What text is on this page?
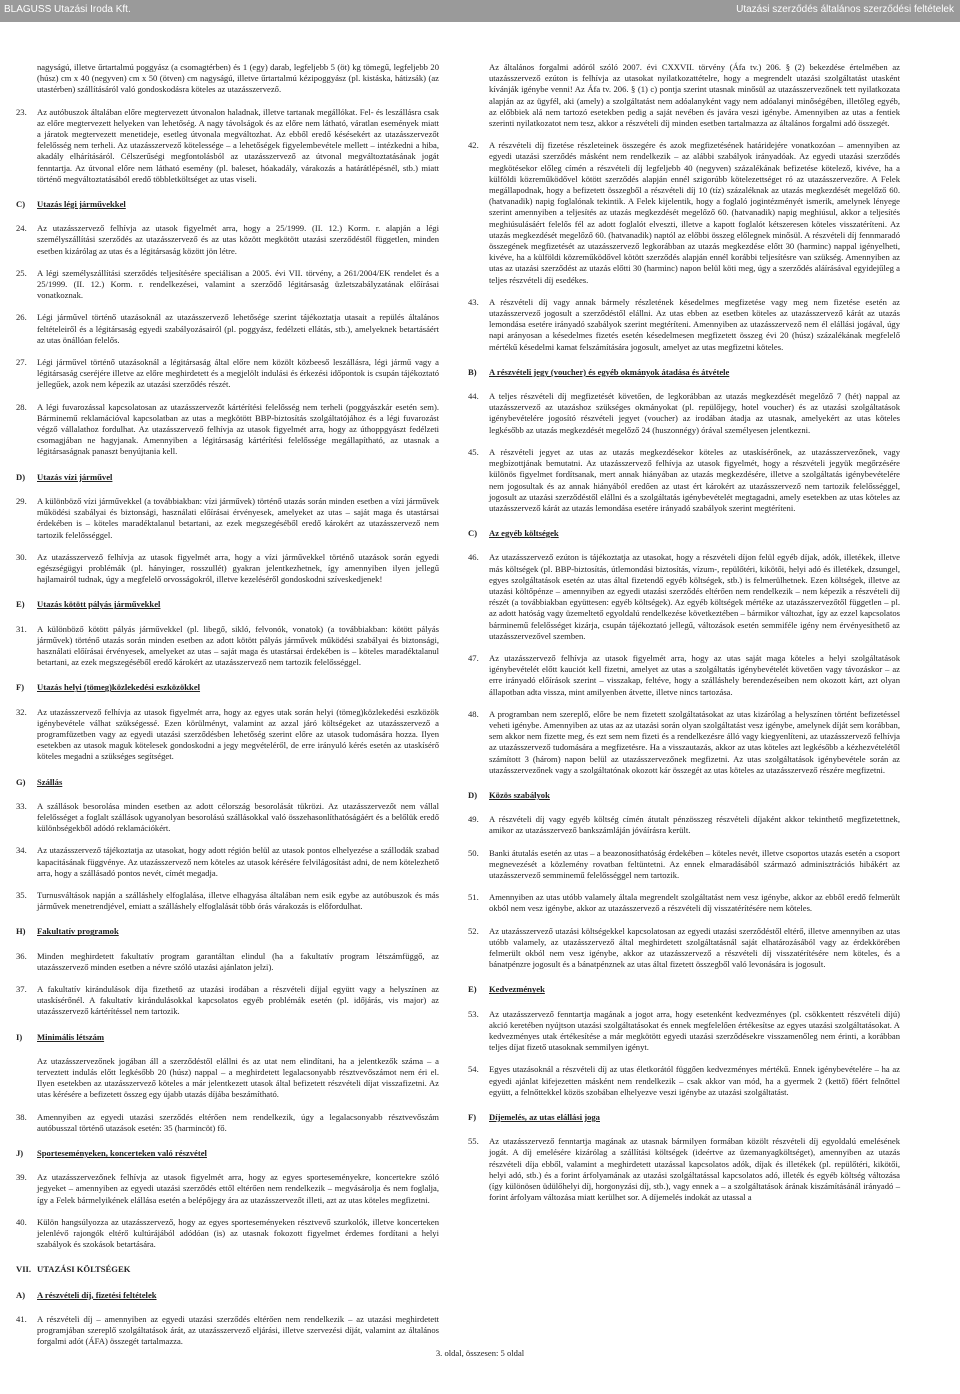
BLAGUSS Utazási Iroda Kft.	Utazási szerződés általános szerződési feltételek
nagyságú, illetve űrtartalmú poggyász (a csomagtérben) és 1 (egy) darab, legfeljebb 5 (öt) kg tömegű, legfeljebb 20 (húsz) cm x 40 (negyven) cm x 50 (ötven) cm nagyságú, illetve űrtartalmú kézipoggyász (pl. kistáska, hátizsák) (az utastérben) szállításáról való gondoskodásra köteles az utazásszervező.
23. Az autóbuszok általában előre megtervezett útvonalon haladnak, illetve tartanak megállókat. Fel- és leszállásra csak az előre megtervezett helyeken van lehetőség. A nagy távolságok és az előre nem látható, váratlan események miatt a járatok megtervezett menetideje, esetleg útvonala megváltozhat. Az ebből eredő késésekért az utazásszervezőt felelősség nem terheli. Az utazásszervező kötelessége – a lehetőségek figyelembevétele mellett – intézkedni a hiba, akadály elhárításáról. Célszerűségi megfontolásból az utazásszervező az útvonal megváltoztatásának jogát fenntartja. Az útvonal előre nem látható esemény (pl. baleset, hóakadály, várakozás a határátlépésnél, stb.) miatt történő megváltoztatásából eredő többletköltséget az utas viseli.
C) Utazás légi járművekkel
24. Az utazásszervező felhívja az utasok figyelmét arra, hogy a 25/1999. (II. 12.) Korm. r. alapján a légi személyszállítási szerződés az utazásszervező és az utas között megkötött utazási szerződéstől független, minden esetben kizárólag az utas és a légitársaság között jön létre.
25. A légi személyszállítási szerződés teljesítésére speciálisan a 2005. évi VII. törvény, a 261/2004/EK rendelet és a 25/1999. (II. 12.) Korm. r. rendelkezései, valamint a szerződő légitársaság üzletszabályzatának előírásai vonatkoznak.
26. Légi járművel történő utazásoknál az utazásszervező lehetősége szerint tájékoztatja utasait a repülés általános feltételeiről és a légitársaság egyedi szabályozásairól (pl. poggyász, fedélzeti ellátás, stb.), amelyeknek betartásáért az utas önállóan felelős.
27. Légi járművel történő utazásoknál a légitársaság által előre nem közölt közbeeső leszállásra, légi jármű vagy a légitársaság cseréjére illetve az előre meghirdetett és a megjelölt indulási és érkezési időpontok is csupán tájékoztató jellegűek, azok nem képezik az utazási szerződés részét.
28. A légi fuvarozással kapcsolatosan az utazásszervezőt kártérítési felelősség nem terheli (poggyászkár esetén sem). Bárminemű reklamációval kapcsolatban az utas a megkötött BBP-biztosítás szolgáltatójához és a légi fuvarozást végző vállalathoz fordulhat. Az utazásszervező felhívja az utasok figyelmét arra, hogy az úthoppgyászt fedélzeti csomagjában ne hagyjanak. Amennyiben a légitársaság kártérítési felelőssége megállapítható, az utasnak a légitársaságnak panaszt benyújtania kell.
D) Utazás vízi járművel
29. A különböző vízi járművekkel (a továbbiakban: vízi járművek) történő utazás során minden esetben a vízi járművek működési szabályai és biztonsági, használati előírásai érvényesek, amelyeket az utas – saját maga és utastársai érdekében is – köteles maradéktalanul betartani, az ezek megszegéséből eredő károkért az utazásszervező nem tartozik felelősséggel.
30. Az utazásszervező felhívja az utasok figyelmét arra, hogy a vízi járművekkel történő utazások során egyedi egészségügyi problémák (pl. hányinger, rosszullét) gyakran jelentkezhetnek, így amennyiben ilyen jellegű hajlamairól tudnak, úgy a megfelelő orvosságokról, illetve kezeléséről gondoskodni szíveskedjenek!
E) Utazás kötött pályás járművekkel
31. A különböző kötött pályás járművekkel (pl. libegő, sikló, felvonók, vonatok) (a továbbiakban: kötött pályás járművek) történő utazás során minden esetben az adott kötött pályás járművek működési szabályai és biztonsági, használati előírásai érvényesek, amelyeket az utas – saját maga és utastársai érdekében is – köteles maradéktalanul betartani, az ezek megszegéséből eredő károkért az utazásszervező nem tartozik felelősséggel.
F) Utazás helyi (tömeg)közlekedési eszközökkel
32. Az utazásszervező felhívja az utasok figyelmét arra, hogy az egyes utak során helyi (tömeg)közlekedési eszközök igénybevétele válhat szükségessé. Ezen körülményt, valamint az azzal járó költségeket az utazásszervező a programfüzetben vagy az egyedi utazási szerződésben lehetőség szerint előre az utasok tudomására hozza. Ilyen esetekben az utasok maguk kötelesek gondoskodni a jegy megvételéről, de erre irányuló kérés esetén az utaskísérő köteles megadni a szükséges segítséget.
G) Szállás
33. A szállások besorolása minden esetben az adott célország besorolását tükrözi. Az utazásszervezőt nem vállal felelősséget a foglalt szállások ugyanolyan besorolású szállásokkal való összehasonlíthatóságáért és a belőlük eredő különbségekből adódó reklamációkért.
34. Az utazásszervező tájékoztatja az utasokat, hogy adott régión belül az utasok pontos elhelyezése a szállodák szabad kapacitásának függvénye. Az utazásszervező nem köteles az utasok kérésére felvilágosítást adni, de nem kötelezhető arra, hogy a szállásadó pontos nevét, címét megadja.
35. Turnusváltások napján a szálláshely elfoglalása, illetve elhagyása általában nem esik egybe az autóbuszok és más járművek menetrendjével, emiatt a szálláshely elfoglalását több órás várakozás is előfordulhat.
H) Fakultatív programok
36. Minden meghirdetett fakultatív program garantáltan elindul (ha a fakultatív program létszámfüggő, az utazásszervező minden esetben a névre szóló utazási ajánlaton jelzi).
37. A fakultatív kirándulások díja fizethető az utazási irodában a részvételi díjjal együtt vagy a helyszínen az utaskísérőnél. A fakultatív kirándulásokkal kapcsolatos egyéb problémák esetén (pl. időjárás, vis major) az utazásszervező kártérítéssel nem tartozik.
I) Minimális létszám
Az utazásszervezőnek jogában áll a szerződéstől elállni és az utat nem elindítani, ha a jelentkezők száma – a terveztett indulás előtt legkésőbb 20 (húsz) nappal – a meghirdetett legalacsonyabb résztvevőszámot nem éri el. Ilyen esetekben az utazásszervező köteles a már jelentkezett utasok által befizetett részvételi díjat visszafizetni. Az utas kérésére a befizetett összeg egy újabb utazás díjába beszámítható.
38. Amennyiben az egyedi utazási szerződés eltérően nem rendelkezik, úgy a legalacsonyabb résztvevőszám autóbusszal történő utazások esetén: 35 (harmincöt) fő.
J) Sporteseményeken, koncerteken való részvétel
39. Az utazásszervezőnek felhívja az utasok figyelmét arra, hogy az egyes sporteseményekre, koncertekre szóló jegyeket – amennyiben az egyedi utazási szerződés ettől eltérően nem rendelkezik – megvásárolja és nem foglalja, így a Felek bármelyikének elállása esetén a belépőjegy ára az utazásszervezőt illeti, azt az utas köteles megfizetni.
40. Külön hangsúlyozza az utazásszervező, hogy az egyes sporteseményeken résztvevő szurkolók, illetve koncerteken jelenlévő rajongók eltérő kultúrájából adódóan (is) az utasnak fokozott figyelmet érdemes fordítani a helyi szabályok és szokások betartására.
VII. UTAZÁSI KÖLTSÉGEK
A) A részvételi díj, fizetési feltételek
41. A részvételi díj – amennyiben az egyedi utazási szerződés eltérően nem rendelkezik – az utazási meghirdetett programjában szereplő szolgáltatások árát, az utazásszervező eljárási, illetve szervezési díját, valamint az általános forgalmi adót (ÁFA) összegét tartalmazza.
Az általános forgalmi adóról szóló 2007. évi CXXVII. törvény (Áfa tv.) 206. § (2) bekezdése értelmében az utazásszervező ezúton is felhívja az utasokat nyilatkozattételre, hogy a megrendelt utazási szolgáltatást utasként kívánják igénybe venni! Az Áfa tv. 206. § (1) c) pontja szerint utasnak minősül az utazásszervezőnek tett nyilatkozata alapján az az ügyfél, aki (amely) a szolgáltatást nem adóalanyként vagy nem adóalanyi minőségében, illetőleg egyéb, az előbbiek alá nem tartozó esetekben pedig a saját nevében és javára veszi igénybe. Amennyiben az utas a fentiek szerinti nyilatkozatot nem tesz, akkor a részvételi díj minden esetben tartalmazza az általános forgalmi adó összegét.
42. A részvételi díj fizetése részleteinek összegére és azok megfizetésének határidejére vonatkozóan – amennyiben az egyedi utazási szerződés másként nem rendelkezik – az alábbi szabályok irányadóak. Az egyedi utazási szerződés megkötésekor előleg címén a részvételi díj legfeljebb 40 (negyven) százalékának befizetése kötelező, kivéve, ha a külföldi közreműködővel kötött szerződés alapján ennél szigorúbb kötelezettséget ró az utazásszervezőre. A Felek megállapodnak, hogy a befizetett összegből a részvételi díj 10 (tíz) százaléknak az utazás megkezdését megelőző 60. (hatvanadik) napig foglalónak tekintik. A Felek kijelentik, hogy a foglaló jogintézményét ismerik, amelynek lényege szerint amennyiben a teljesítés az utazás megkezdését megelőző 60. (hatvanadik) napig meghiúsul, akkor a teljesítés meghiúsulásáért felelős fél az adott foglalót elveszti, illetve a kapott foglalót kétszeresen köteles visszatéríteni. Az utazás megkezdését megelőző 60. (hatvanadik) naptól az előbbi összeg előlegnek minősül. A részvételi díj fennmaradó összegének megfizetését az utazásszervező legkorábban az utazás megkezdése előtt 30 (harminc) nappal igényelheti, kivéve, ha a külföldi közreműködővel kötött szerződés alapján ennél korábbi teljesítésre van szükség. Amennyiben az utas az utazási szerződést az utazás előtti 30 (harminc) napon belül köti meg, úgy a szerződés aláírásával egyidejűleg a teljes részvételi díj esedékes.
43. A részvételi díj vagy annak bármely részletének késedelmes megfizetése vagy meg nem fizetése esetén az utazásszervező jogosult a szerződéstől elállni. Az utas ebben az esetben köteles az utazásszervező kárát az utazás lemondása esetére irányadó szabályok szerint megtéríteni. Amennyiben az utazásszervező nem él elállási jogával, úgy napi arányosan a késedelmes fizetés esetén késedelmesen megfizetett összeg évi 20 (húsz) százalékának megfelelő mértékű késedelmi kamat felszámítására jogosult, amelyet az utas megfizetni köteles.
B) A részvételi jegy (voucher) és egyéb okmányok átadása és átvétele
44. A teljes részvételi díj megfizetését követően, de legkorábban az utazás megkezdését megelőző 7 (hét) nappal az utazásszervező az utazáshoz szükséges okmányokat (pl. repülőjegy, hotel voucher) és az utazási szolgáltatások igénybevételére jogosító részvételi jegyet (voucher) az irodában átadja az utasnak, amelyekért az utas köteles legkésőbb az utazás megkezdését megelőző 24 (huszonnégy) órával személyesen jelentkezni.
45. A részvételi jegyet az utas az utazás megkezdésekor köteles az utaskísérőnek, az utazásszervezőnek, vagy megbízottjának bemutatni. Az utazásszervező felhívja az utasok figyelmét, hogy a részvételi jegyük megőrzésére különös figyelmet fordítsanak, mert annak hiányában az utazás megkezdésére, illetve a szolgáltatás igénybevételére nem jogosultak és az annak hiányából eredően az utast ért károkért az utazásszervező nem tartozik felelősséggel, jogosult az utazási szerződéstől elállni és a szolgáltatás igénybevételét megtagadni, amely esetekben az utas köteles az utazásszervező kárát az utazás lemondása esetére irányadó szabályok szerint megtéríteni.
C) Az egyéb költségek
46. Az utazásszervező ezúton is tájékoztatja az utasokat, hogy a részvételi díjon felül egyéb díjak, adók, illetékek, illetve más költségek (pl. BBP-biztosítás, útlemondási biztosítás, vízum-, repülőtéri, kikötői, helyi adó és illetékek, dzsungel, egyes szolgáltatások esetén az utas által fizetendő egyéb költségek, stb.) is felmerülhetnek. Ezen költségek, illetve az utazási költőpénze – amennyiben az egyedi utazási szerződés eltérően nem rendelkezik – nem képezik a részvételi díj részét (a továbbiakban együttesen: egyéb költségek). Az egyéb költségek mértéke az utazásszervezőtől független – pl. az adott hatóság vagy üzemeltető egyoldalú rendelkezése következtében – bármikor változhat, így az ezzel kapcsolatos bárminemű felelősséget kizárja, csupán tájékoztató jellegű, változások esetén semmiféle igény nem érvényesíthető az utazásszervezővel szemben.
47. Az utazásszervező felhívja az utasok figyelmét arra, hogy az utas saját maga köteles a helyi szolgáltatások igénybevételét előtt kauciót kell fizetni, amelyet az utas a szolgáltatás igénybevételét követően vagy távozáskor – az erre irányadó előírások szerint – visszakap, feltéve, hogy a szálláshely berendezéseiben nem okozott kárt, azt olyan állapotban adta vissza, mint amilyenben átvette, illetve nincs tartozása.
48. A programban nem szereplő, előre be nem fizetett szolgáltatásokat az utas kizárólag a helyszínen történt befizetéssel veheti igénybe. Amennyiben az utas az az utazási során olyan szolgáltatást vesz igénybe, amelynek díját sem korábban, sem akkor nem fizette meg, és ezt sem nem fizeti és a rendelkezésre álló vagy kiegyenlíteni, az utazásszervező felhívja az utazásszervező tudomására a megfizetésre. Ha a visszautazás, akkor az utas köteles azt legkésőbb a kézhezvételétől számított 3 (három) napon belül az utazásszervezőnek megfizetni. Az utas szolgáltatások igénybevétele során az utazásszervezőnek vagy a szolgáltatónak okozott kár összegét az utas köteles az utazásszervező részére megfizetni.
D) Közös szabályok
49. A részvételi díj vagy egyéb költség címén átutalt pénzösszeg részvételi díjaként akkor tekinthető megfizetettnek, amikor az utazásszervező bankszámláján jóváírásra került.
50. Banki átutalás esetén az utas – a beazonosíthatóság érdekében – köteles nevét, illetve csoportos utazás esetén a csoport megnevezését a közlemény rovatban feltüntetni. Az ennek elmaradásából származó adminisztrációs hibákért az utazásszervező semminemű felelősséggel nem tartozik.
51. Amennyiben az utas utóbb valamely általa megrendelt szolgáltatást nem vesz igénybe, akkor az ebből eredő felmerült okból nem vesz igénybe, akkor az utazásszervező a részvételi díj visszatérítésére nem köteles.
52. Az utazásszervező utazási költségekkel kapcsolatosan az egyedi utazási szerződéstől eltérő, illetve amennyiben az utas utóbb valamely, az utazásszervező által meghirdetett szolgáltatásnál saját elhatározásából vagy az érdekkörében felmerült okból nem vesz igénybe, akkor az utazásszervező a részvételi díj visszatérítésére nem köteles, és a bánatpénzre jogosult és a bánatpénznek az utas által fizetett összegből való levonására is jogosult.
E) Kedvezmények
53. Az utazásszervező fenntartja magának a jogot arra, hogy esetenként kedvezményes (pl. csökkentett részvételi díjú) akció keretében nyújtson utazási szolgáltatásokat és ennek megfelelően értékesítse az egyes utazási szolgáltatásokat. A kedvezményes utak értékesítése a már megkötött egyedi utazási szerződésekre visszamenőleg nem érinti, a korábban teljes díjat fizető utasoknak semmilyen igényt.
54. Egyes utazásoknál a részvételi díj az utas életkorától függően kedvezményes mértékű. Ennek igénybevételére – ha az egyedi ajánlat kifejezetten másként nem rendelkezik – csak akkor van mód, ha a gyermek 2 (kettő) főért felnőttel együtt, a felnőttekkel közös szobában elhelyezve veszi igénybe az utazási szolgáltatást.
F) Díjemelés, az utas elállási joga
55. Az utazásszervező fenntartja magának az utasnak bármilyen formában közölt részvételi díj egyoldalú emelésének jogát. A díj emelésére kizárólag a szállítási költségek (ideértve az üzemanyagköltséget), amennyiben az utazás részvételi díja ebből, valamint a meghirdetett utazással kapcsolatos adók, díjak és illetékek (pl. repülőtéri, kikötői, helyi adó, stb.) és a forint árfolyamának az utazási szolgáltatással kapcsolatos adó, illeték és egyéb költség változása (így különösen üdülőhelyi díj, horgonyzási díj, stb.), vagy ennek a – a szolgáltatások árának kiszámításánál irányadó – forint árfolyam változása miatt kerülhet sor. A díjemelés indokát az utassal a
3. oldal, összesen: 5 oldal
